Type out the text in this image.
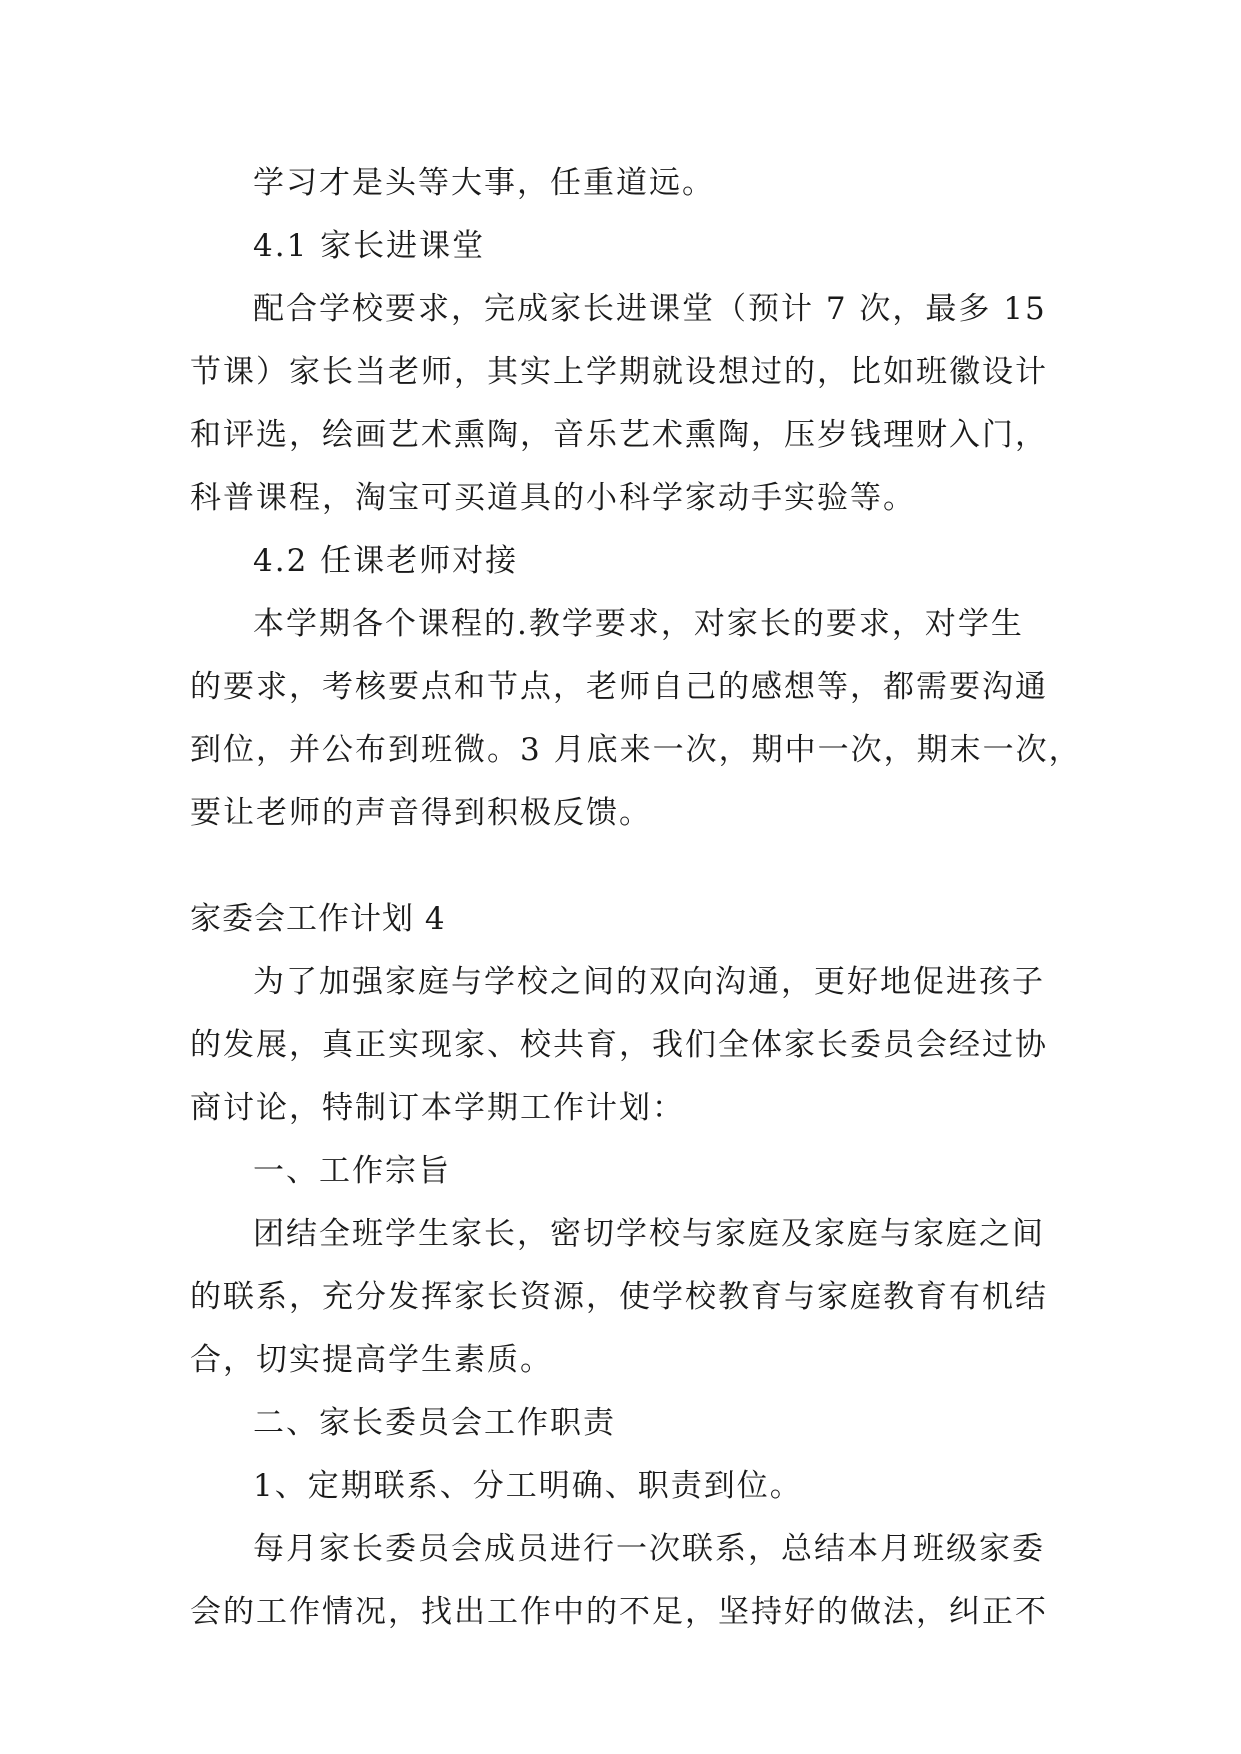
学习才是头等大事，任重道远。

4.1 家长进课堂

配合学校要求，完成家长进课堂（预计 7 次，最多 15

节课）家长当老师，其实上学期就设想过的，比如班徽设计

和评选，绘画艺术熏陶，音乐艺术熏陶，压岁钱理财入门，

科普课程，淘宝可买道具的小科学家动手实验等。

4.2 任课老师对接

本学期各个课程的.教学要求，对家长的要求，对学生

的要求，考核要点和节点，老师自己的感想等，都需要沟通

到位，并公布到班微。3 月底来一次，期中一次，期末一次，

要让老师的声音得到积极反馈。

家委会工作计划 4

为了加强家庭与学校之间的双向沟通，更好地促进孩子

的发展，真正实现家、校共育，我们全体家长委员会经过协

商讨论，特制订本学期工作计划：

一、工作宗旨

团结全班学生家长，密切学校与家庭及家庭与家庭之间

的联系，充分发挥家长资源，使学校教育与家庭教育有机结

合，切实提高学生素质。

二、家长委员会工作职责

1、定期联系、分工明确、职责到位。

每月家长委员会成员进行一次联系，总结本月班级家委

会的工作情况，找出工作中的不足，坚持好的做法，纠正不
